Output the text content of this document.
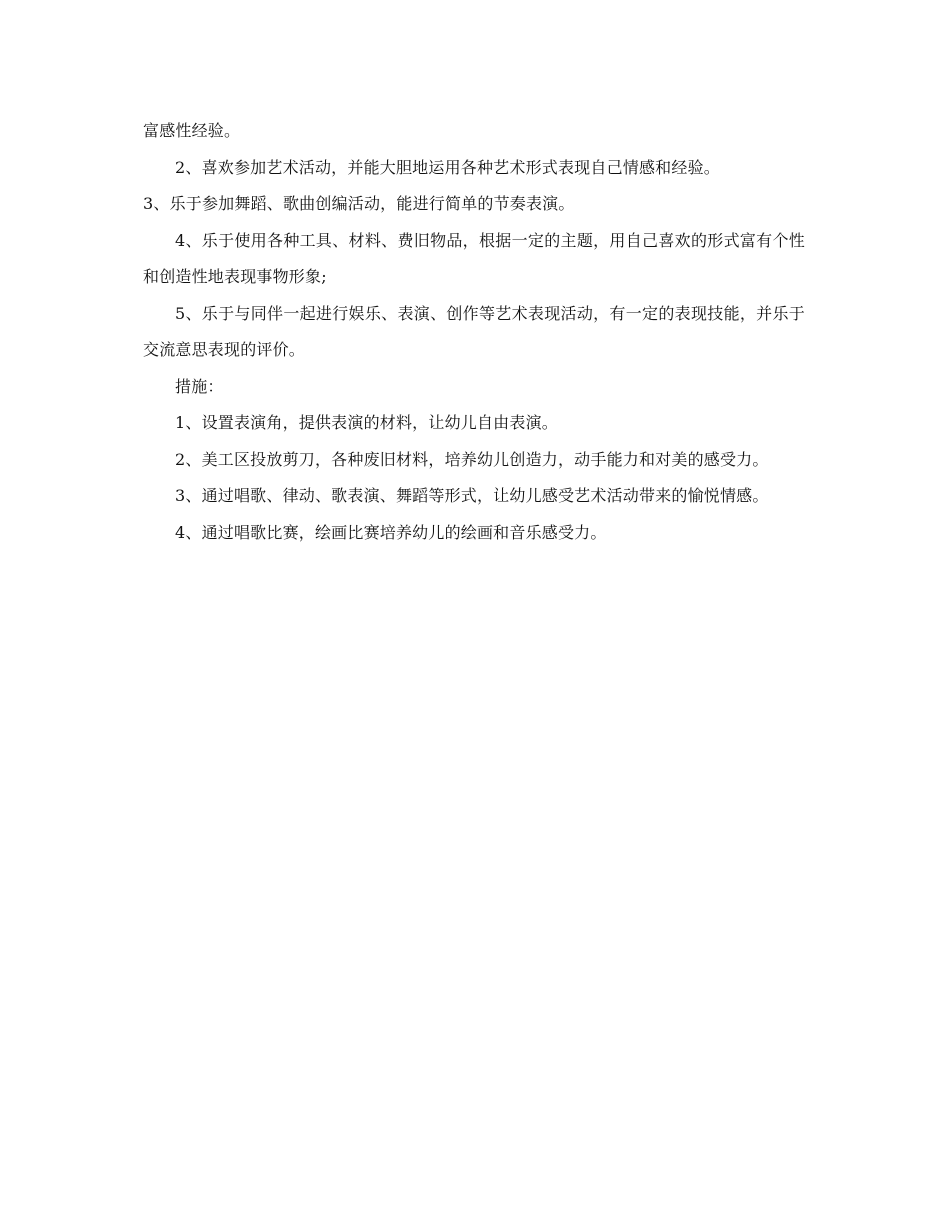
富感性经验。

2、喜欢参加艺术活动，并能大胆地运用各种艺术形式表现自己情感和经验。

3、乐于参加舞蹈、歌曲创编活动，能进行简单的节奏表演。

4、乐于使用各种工具、材料、费旧物品，根据一定的主题，用自己喜欢的形式富有个性和创造性地表现事物形象;

5、乐于与同伴一起进行娱乐、表演、创作等艺术表现活动，有一定的表现技能，并乐于交流意思表现的评价。

措施：

1、设置表演角，提供表演的材料，让幼儿自由表演。

2、美工区投放剪刀，各种废旧材料，培养幼儿创造力，动手能力和对美的感受力。

3、通过唱歌、律动、歌表演、舞蹈等形式，让幼儿感受艺术活动带来的愉悦情感。

4、通过唱歌比赛，绘画比赛培养幼儿的绘画和音乐感受力。
